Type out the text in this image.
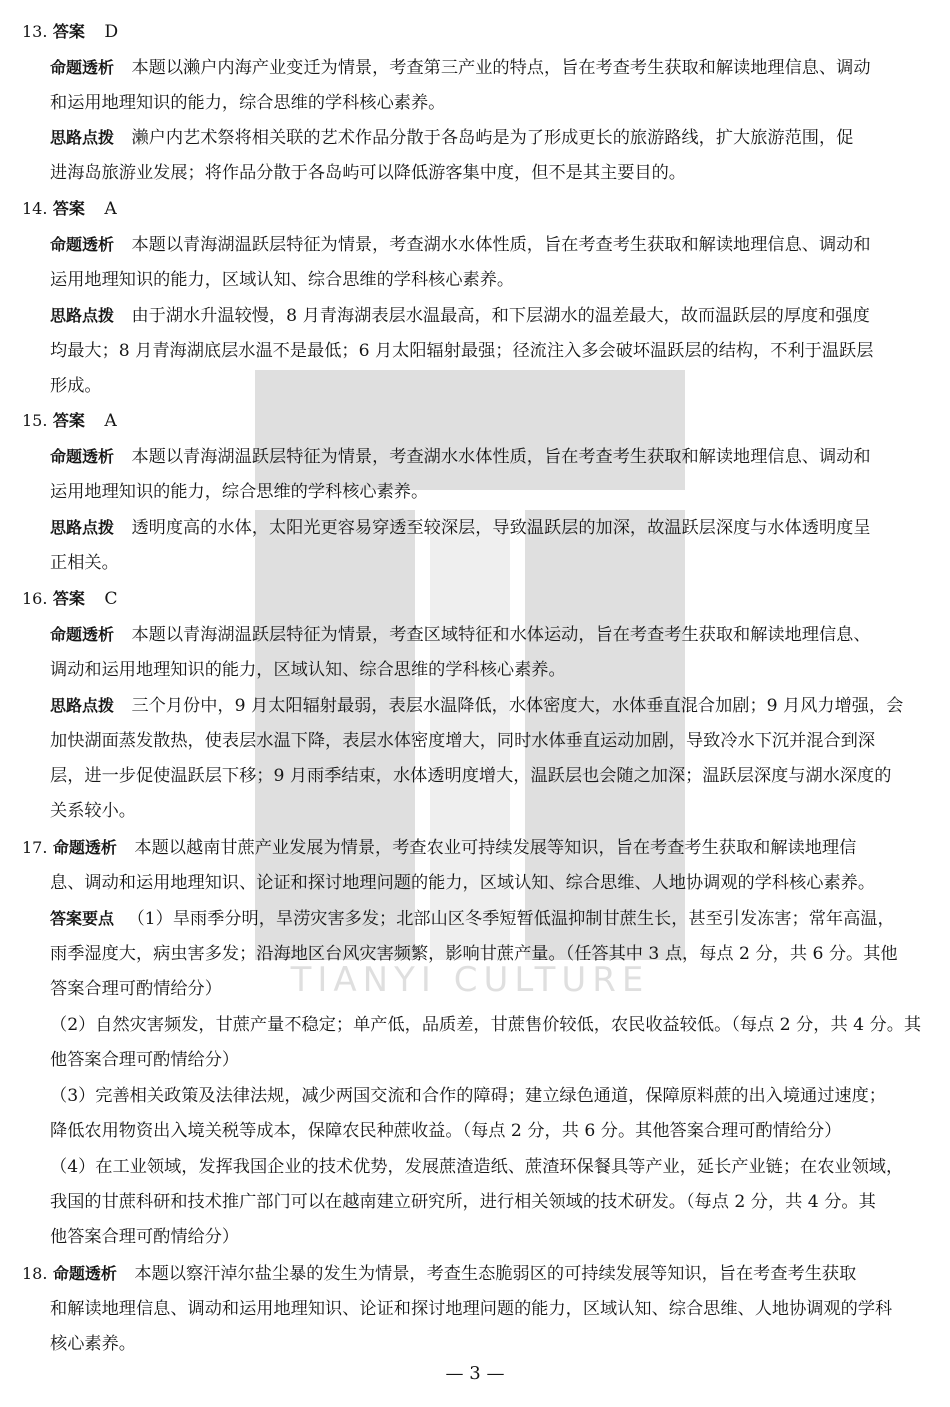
TIANYI CULTURE
13. 答案 D
命题透析 本题以濑户内海产业变迁为情景，考查第三产业的特点，旨在考查考生获取和解读地理信息、调动
和运用地理知识的能力，综合思维的学科核心素养。
思路点拨 濑户内艺术祭将相关联的艺术作品分散于各岛屿是为了形成更长的旅游路线，扩大旅游范围，促
进海岛旅游业发展；将作品分散于各岛屿可以降低游客集中度，但不是其主要目的。
14. 答案 A
命题透析 本题以青海湖温跃层特征为情景，考查湖水水体性质，旨在考查考生获取和解读地理信息、调动和
运用地理知识的能力，区域认知、综合思维的学科核心素养。
思路点拨 由于湖水升温较慢，8 月青海湖表层水温最高，和下层湖水的温差最大，故而温跃层的厚度和强度
均最大；8 月青海湖底层水温不是最低；6 月太阳辐射最强；径流注入多会破坏温跃层的结构，不利于温跃层
形成。
15. 答案 A
命题透析 本题以青海湖温跃层特征为情景，考查湖水水体性质，旨在考查考生获取和解读地理信息、调动和
运用地理知识的能力，综合思维的学科核心素养。
思路点拨 透明度高的水体，太阳光更容易穿透至较深层，导致温跃层的加深，故温跃层深度与水体透明度呈
正相关。
16. 答案 C
命题透析 本题以青海湖温跃层特征为情景，考查区域特征和水体运动，旨在考查考生获取和解读地理信息、
调动和运用地理知识的能力，区域认知、综合思维的学科核心素养。
思路点拨 三个月份中，9 月太阳辐射最弱，表层水温降低，水体密度大，水体垂直混合加剧；9 月风力增强，会
加快湖面蒸发散热，使表层水温下降，表层水体密度增大，同时水体垂直运动加剧，导致冷水下沉并混合到深
层，进一步促使温跃层下移；9 月雨季结束，水体透明度增大，温跃层也会随之加深；温跃层深度与湖水深度的
关系较小。
17. 命题透析 本题以越南甘蔗产业发展为情景，考查农业可持续发展等知识，旨在考查考生获取和解读地理信
息、调动和运用地理知识、论证和探讨地理问题的能力，区域认知、综合思维、人地协调观的学科核心素养。
答案要点 （1）旱雨季分明，旱涝灾害多发；北部山区冬季短暂低温抑制甘蔗生长，甚至引发冻害；常年高温，
雨季湿度大，病虫害多发；沿海地区台风灾害频繁，影响甘蔗产量。（任答其中 3 点，每点 2 分，共 6 分。其他
答案合理可酌情给分）
（2）自然灾害频发，甘蔗产量不稳定；单产低，品质差，甘蔗售价较低，农民收益较低。（每点 2 分，共 4 分。其
他答案合理可酌情给分）
（3）完善相关政策及法律法规，减少两国交流和合作的障碍；建立绿色通道，保障原料蔗的出入境通过速度；
降低农用物资出入境关税等成本，保障农民种蔗收益。（每点 2 分，共 6 分。其他答案合理可酌情给分）
（4）在工业领域，发挥我国企业的技术优势，发展蔗渣造纸、蔗渣环保餐具等产业，延长产业链；在农业领域，
我国的甘蔗科研和技术推广部门可以在越南建立研究所，进行相关领域的技术研发。（每点 2 分，共 4 分。其
他答案合理可酌情给分）
18. 命题透析 本题以察汗淖尔盐尘暴的发生为情景，考查生态脆弱区的可持续发展等知识，旨在考查考生获取
和解读地理信息、调动和运用地理知识、论证和探讨地理问题的能力，区域认知、综合思维、人地协调观的学科
核心素养。
— 3 —
